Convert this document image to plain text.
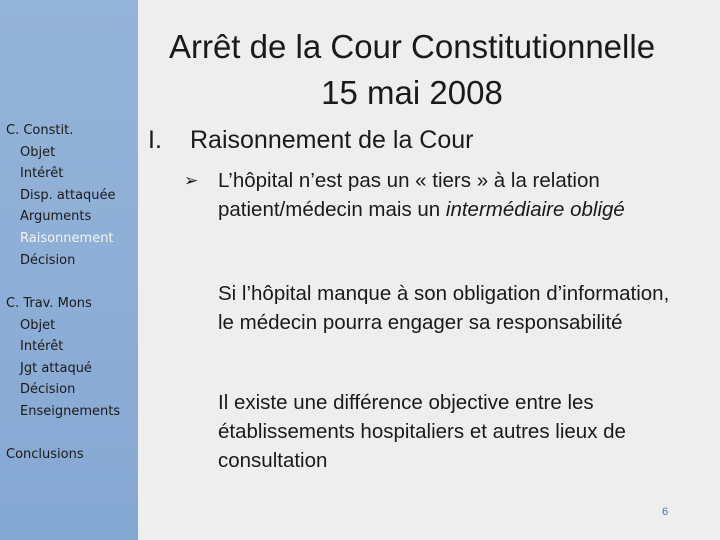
C. Constit.
Objet
Intérêt
Disp. attaquée
Arguments
Raisonnement
Décision
C. Trav. Mons
Objet
Intérêt
Jgt attaqué
Décision
Enseignements
Conclusions
Arrêt de la Cour Constitutionnelle
15 mai 2008
I. Raisonnement de la Cour
➢ L’hôpital n’est pas un « tiers » à la relation patient/médecin mais un intermédiaire obligé
Si l’hôpital manque à son obligation d’information, le médecin pourra engager sa responsabilité
Il existe une différence objective entre les établissements hospitaliers et autres lieux de consultation
6
